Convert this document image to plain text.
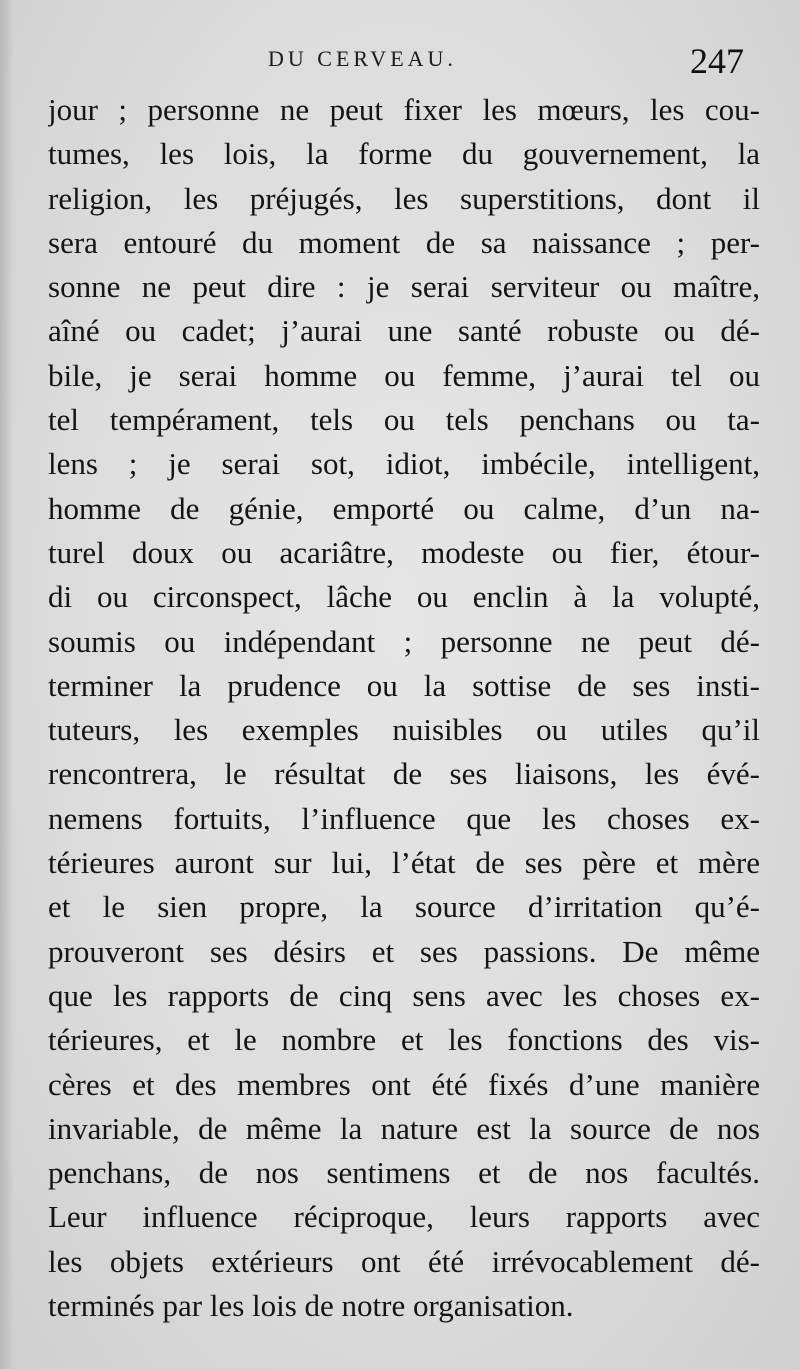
DU CERVEAU.	247
jour ; personne ne peut fixer les mœurs, les cou-
tumes, les lois, la forme du gouvernement, la
religion, les préjugés, les superstitions, dont il
sera entouré du moment de sa naissance ; per-
sonne ne peut dire : je serai serviteur ou maître,
aîné ou cadet; j’aurai une santé robuste ou dé-
bile, je serai homme ou femme, j’aurai tel ou
tel tempérament, tels ou tels penchans ou ta-
lens ; je serai sot, idiot, imbécile, intelligent,
homme de génie, emporté ou calme, d’un na-
turel doux ou acariâtre, modeste ou fier, étour-
di ou circonspect, lâche ou enclin à la volupté,
soumis ou indépendant ; personne ne peut dé-
terminer la prudence ou la sottise de ses insti-
tuteurs, les exemples nuisibles ou utiles qu’il
rencontrera, le résultat de ses liaisons, les évé-
nemens fortuits, l’influence que les choses ex-
térieures auront sur lui, l’état de ses père et mère
et le sien propre, la source d’irritation qu’é-
prouveront ses désirs et ses passions. De même
que les rapports de cinq sens avec les choses ex-
térieures, et le nombre et les fonctions des vis-
cères et des membres ont été fixés d’une manière
invariable, de même la nature est la source de nos
penchans, de nos sentimens et de nos facultés.
Leur influence réciproque, leurs rapports avec
les objets extérieurs ont été irrévocablement dé-
terminés par les lois de notre organisation.
